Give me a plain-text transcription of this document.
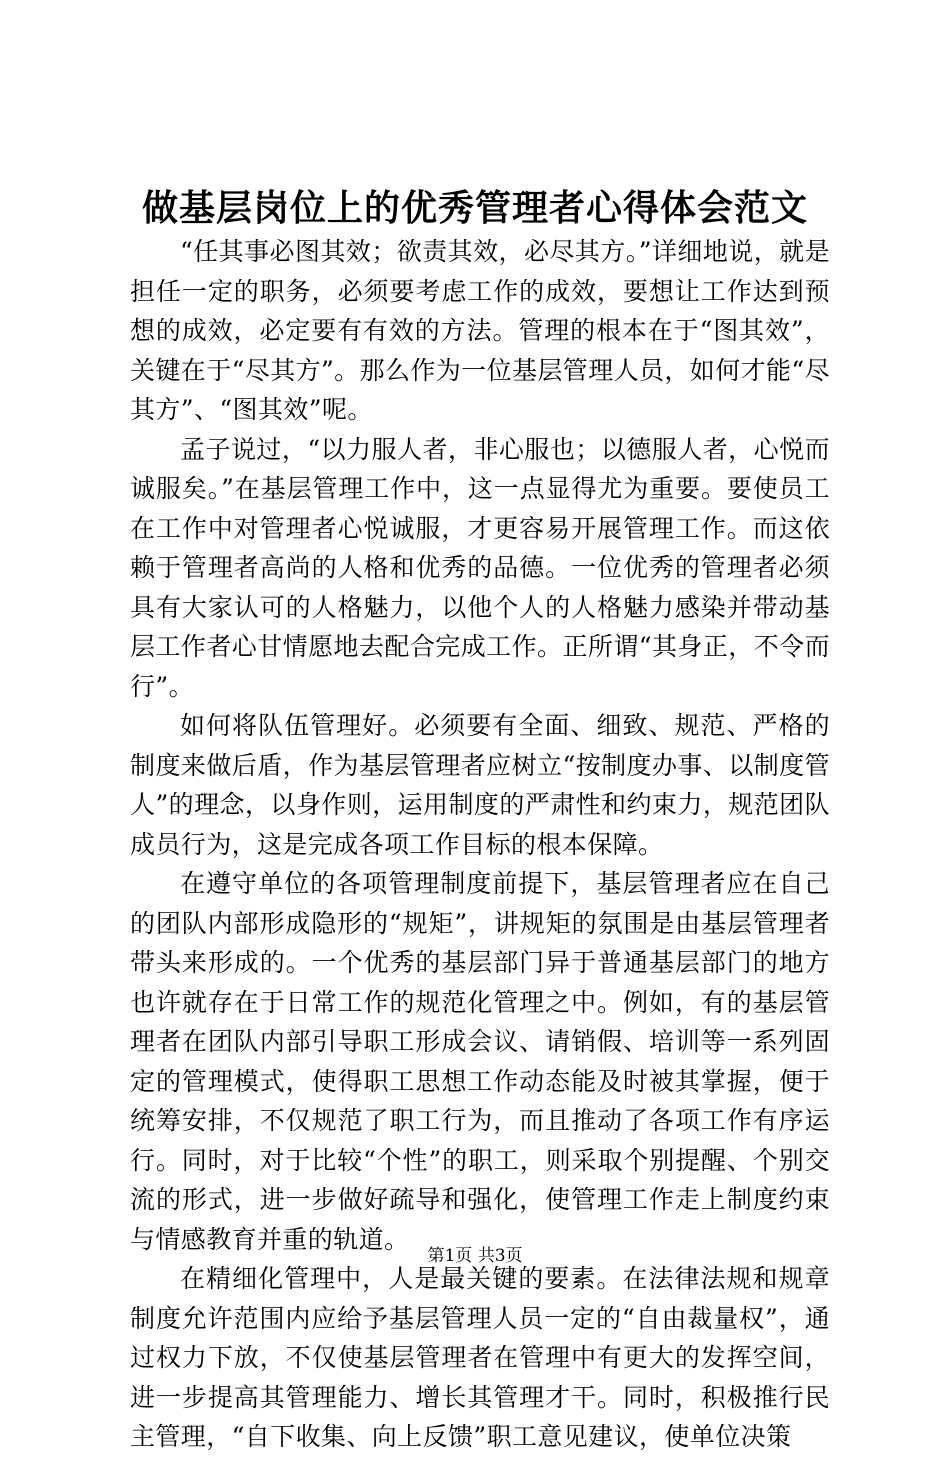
做基层岗位上的优秀管理者心得体会范文

“任其事必图其效；欲责其效，必尽其方。”详细地说，就是担任一定的职务，必须要考虑工作的成效，要想让工作达到预想的成效，必定要有有效的方法。管理的根本在于“图其效”，关键在于“尽其方”。那么作为一位基层管理人员，如何才能“尽其方”、“图其效”呢。

孟子说过，“以力服人者，非心服也；以德服人者，心悦而诚服矣。”在基层管理工作中，这一点显得尤为重要。要使员工在工作中对管理者心悦诚服，才更容易开展管理工作。而这依赖于管理者高尚的人格和优秀的品德。一位优秀的管理者必须具有大家认可的人格魅力，以他个人的人格魅力感染并带动基层工作者心甘情愿地去配合完成工作。正所谓“其身正，不令而行”。

如何将队伍管理好。必须要有全面、细致、规范、严格的制度来做后盾，作为基层管理者应树立“按制度办事、以制度管人”的理念，以身作则，运用制度的严肃性和约束力，规范团队成员行为，这是完成各项工作目标的根本保障。

在遵守单位的各项管理制度前提下，基层管理者应在自己的团队内部形成隐形的“规矩”，讲规矩的氛围是由基层管理者带头来形成的。一个优秀的基层部门异于普通基层部门的地方也许就存在于日常工作的规范化管理之中。例如，有的基层管理者在团队内部引导职工形成会议、请销假、培训等一系列固定的管理模式，使得职工思想工作动态能及时被其掌握，便于统筹安排，不仅规范了职工行为，而且推动了各项工作有序运行。同时，对于比较“个性”的职工，则采取个别提醒、个别交流的形式，进一步做好疏导和强化，使管理工作走上制度约束与情感教育并重的轨道。

在精细化管理中，人是最关键的要素。在法律法规和规章制度允许范围内应给予基层管理人员一定的“自由裁量权”，通过权力下放，不仅使基层管理者在管理中有更大的发挥空间，进一步提高其管理能力、增长其管理才干。同时，积极推行民主管理，“自下收集、向上反馈”职工意见建议，使单位决策

第1页 共3页
